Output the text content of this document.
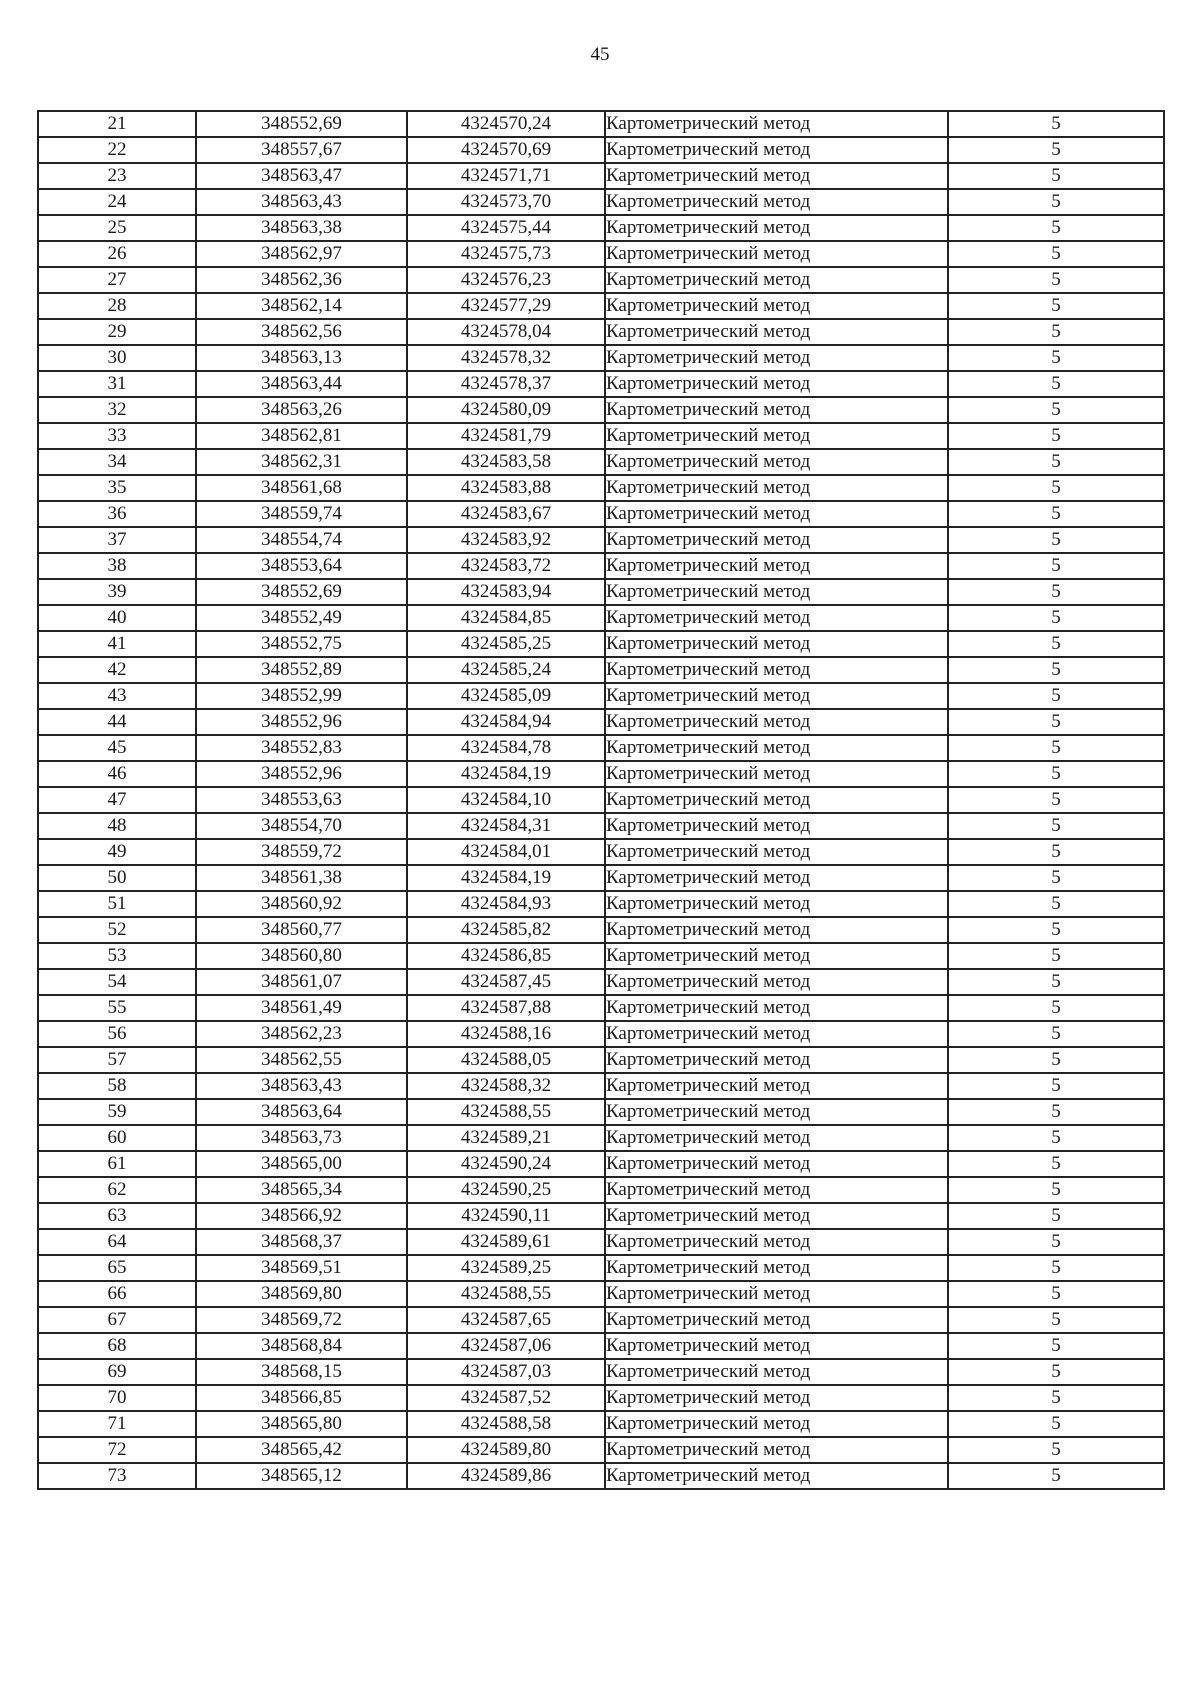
45
21	348552,69	4324570,24	Картометрический метод	5
22	348557,67	4324570,69	Картометрический метод	5
23	348563,47	4324571,71	Картометрический метод	5
24	348563,43	4324573,70	Картометрический метод	5
25	348563,38	4324575,44	Картометрический метод	5
26	348562,97	4324575,73	Картометрический метод	5
27	348562,36	4324576,23	Картометрический метод	5
28	348562,14	4324577,29	Картометрический метод	5
29	348562,56	4324578,04	Картометрический метод	5
30	348563,13	4324578,32	Картометрический метод	5
31	348563,44	4324578,37	Картометрический метод	5
32	348563,26	4324580,09	Картометрический метод	5
33	348562,81	4324581,79	Картометрический метод	5
34	348562,31	4324583,58	Картометрический метод	5
35	348561,68	4324583,88	Картометрический метод	5
36	348559,74	4324583,67	Картометрический метод	5
37	348554,74	4324583,92	Картометрический метод	5
38	348553,64	4324583,72	Картометрический метод	5
39	348552,69	4324583,94	Картометрический метод	5
40	348552,49	4324584,85	Картометрический метод	5
41	348552,75	4324585,25	Картометрический метод	5
42	348552,89	4324585,24	Картометрический метод	5
43	348552,99	4324585,09	Картометрический метод	5
44	348552,96	4324584,94	Картометрический метод	5
45	348552,83	4324584,78	Картометрический метод	5
46	348552,96	4324584,19	Картометрический метод	5
47	348553,63	4324584,10	Картометрический метод	5
48	348554,70	4324584,31	Картометрический метод	5
49	348559,72	4324584,01	Картометрический метод	5
50	348561,38	4324584,19	Картометрический метод	5
51	348560,92	4324584,93	Картометрический метод	5
52	348560,77	4324585,82	Картометрический метод	5
53	348560,80	4324586,85	Картометрический метод	5
54	348561,07	4324587,45	Картометрический метод	5
55	348561,49	4324587,88	Картометрический метод	5
56	348562,23	4324588,16	Картометрический метод	5
57	348562,55	4324588,05	Картометрический метод	5
58	348563,43	4324588,32	Картометрический метод	5
59	348563,64	4324588,55	Картометрический метод	5
60	348563,73	4324589,21	Картометрический метод	5
61	348565,00	4324590,24	Картометрический метод	5
62	348565,34	4324590,25	Картометрический метод	5
63	348566,92	4324590,11	Картометрический метод	5
64	348568,37	4324589,61	Картометрический метод	5
65	348569,51	4324589,25	Картометрический метод	5
66	348569,80	4324588,55	Картометрический метод	5
67	348569,72	4324587,65	Картометрический метод	5
68	348568,84	4324587,06	Картометрический метод	5
69	348568,15	4324587,03	Картометрический метод	5
70	348566,85	4324587,52	Картометрический метод	5
71	348565,80	4324588,58	Картометрический метод	5
72	348565,42	4324589,80	Картометрический метод	5
73	348565,12	4324589,86	Картометрический метод	5
